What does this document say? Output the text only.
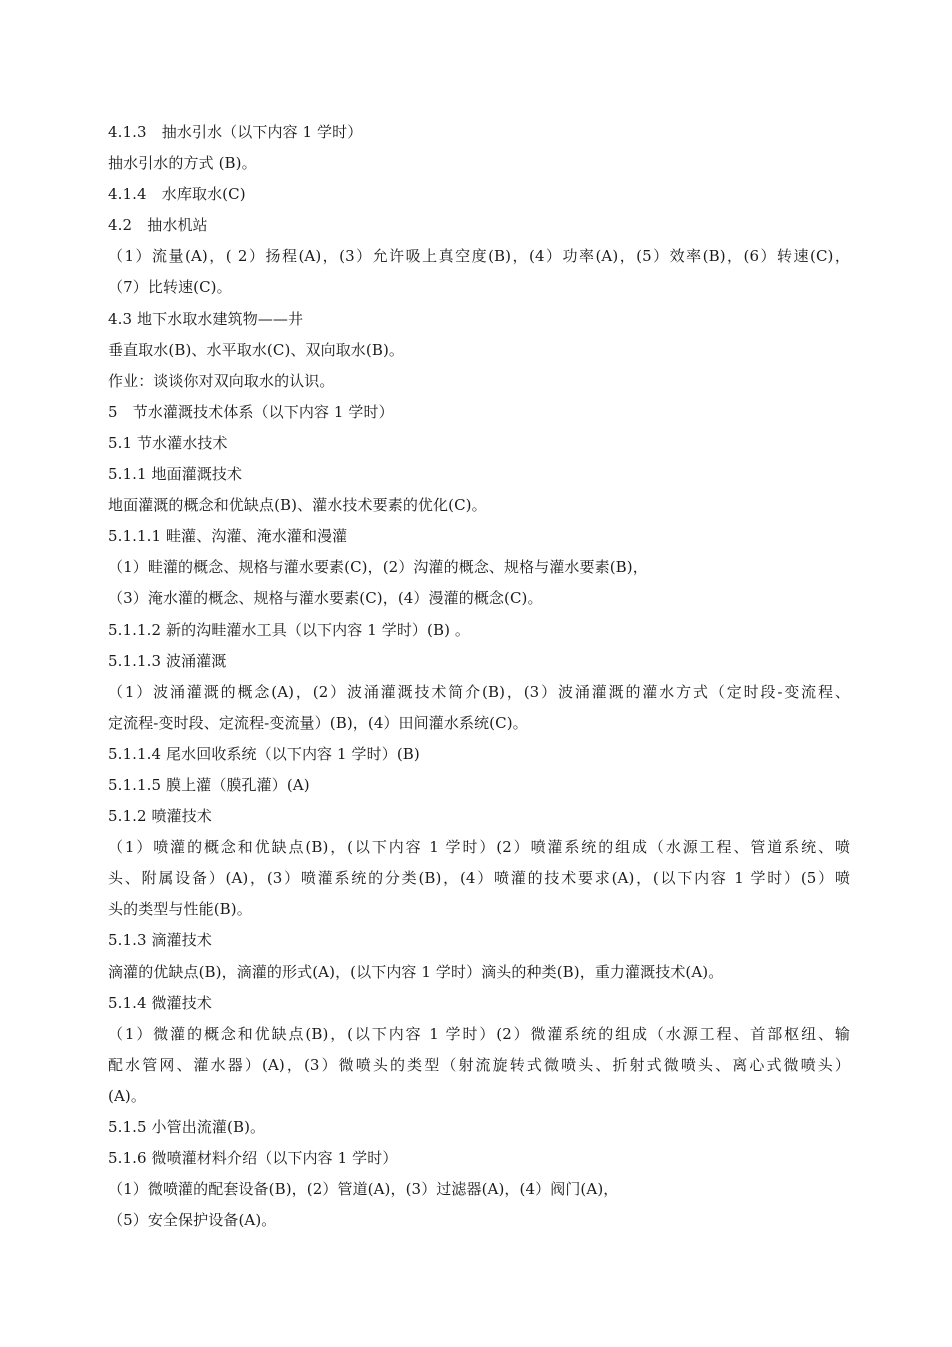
4.1.3　抽水引水（以下内容 1 学时）
抽水引水的方式 (B)。
4.1.4　水库取水(C)
4.2　抽水机站
（1）流量(A)，( 2）扬程(A)，(3）允许吸上真空度(B)，(4）功率(A)，(5）效率(B)，(6）转速(C)，
（7）比转速(C)。
4.3 地下水取水建筑物——井
垂直取水(B)、水平取水(C)、双向取水(B)。
作业：谈谈你对双向取水的认识。
5　节水灌溉技术体系（以下内容 1 学时）
5.1 节水灌水技术
5.1.1 地面灌溉技术
地面灌溉的概念和优缺点(B)、灌水技术要素的优化(C)。
5.1.1.1 畦灌、沟灌、淹水灌和漫灌
（1）畦灌的概念、规格与灌水要素(C)，(2）沟灌的概念、规格与灌水要素(B)，
（3）淹水灌的概念、规格与灌水要素(C)，(4）漫灌的概念(C)。
5.1.1.2 新的沟畦灌水工具（以下内容 1 学时）(B) 。
5.1.1.3 波涌灌溉
（1）波涌灌溉的概念(A)，(2）波涌灌溉技术简介(B)，(3）波涌灌溉的灌水方式（定时段-变流程、
定流程-变时段、定流程-变流量）(B)，(4）田间灌水系统(C)。
5.1.1.4 尾水回收系统（以下内容 1 学时）(B)
5.1.1.5 膜上灌（膜孔灌）(A)
5.1.2 喷灌技术
（1）喷灌的概念和优缺点(B)，(以下内容 1 学时）(2）喷灌系统的组成（水源工程、管道系统、喷
头、附属设备）(A)，(3）喷灌系统的分类(B)，(4）喷灌的技术要求(A)，(以下内容 1 学时）(5）喷
头的类型与性能(B)。
5.1.3 滴灌技术
滴灌的优缺点(B)，滴灌的形式(A)，(以下内容 1 学时）滴头的种类(B)，重力灌溉技术(A)。
5.1.4 微灌技术
（1）微灌的概念和优缺点(B)，(以下内容 1 学时）(2）微灌系统的组成（水源工程、首部枢纽、输
配水管网、灌水器）(A)，(3）微喷头的类型（射流旋转式微喷头、折射式微喷头、离心式微喷头）
(A)。
5.1.5 小管出流灌(B)。
5.1.6 微喷灌材料介绍（以下内容 1 学时）
（1）微喷灌的配套设备(B)，(2）管道(A)，(3）过滤器(A)，(4）阀门(A)，
（5）安全保护设备(A)。
